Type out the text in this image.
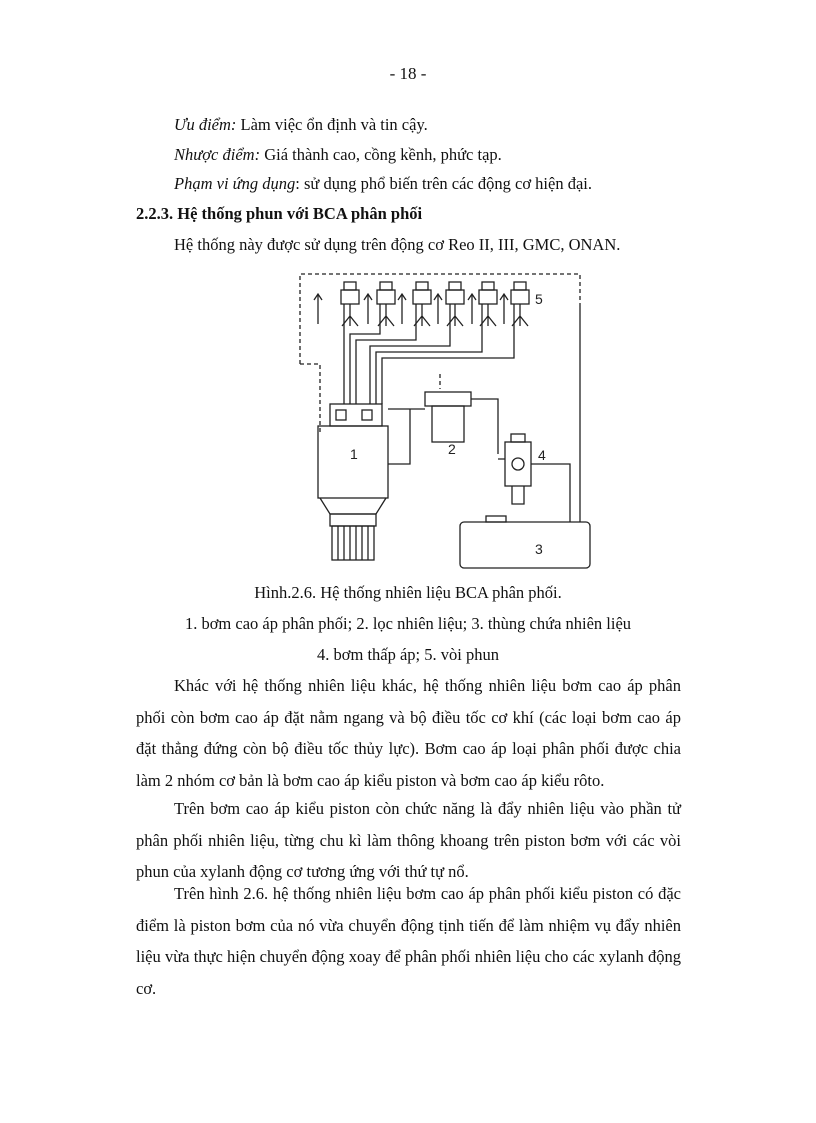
- 18 -
Ưu điểm: Làm việc ổn định và tin cậy.
Nhược điểm: Giá thành cao, cồng kềnh, phức tạp.
Phạm vi ứng dụng: sử dụng phổ biến trên các động cơ hiện đại.
2.2.3. Hệ thống phun với BCA phân phối
Hệ thống này được sử dụng trên động cơ Reo II, III, GMC, ONAN.
1	2
3
4
5
Hình.2.6. Hệ thống nhiên liệu BCA phân phối.
1. bơm cao áp phân phối; 2. lọc nhiên liệu; 3. thùng chứa nhiên liệu
4. bơm thấp áp; 5. vòi phun

Khác với hệ thống nhiên liệu khác, hệ thống nhiên liệu bơm cao áp phân phối còn bơm cao áp đặt nằm ngang và bộ điều tốc cơ khí (các loại bơm cao áp đặt thẳng đứng còn bộ điều tốc thủy lực). Bơm cao áp loại phân phối được chia làm 2 nhóm cơ bản là bơm cao áp kiểu piston và bơm cao áp kiểu rôto.

Trên bơm cao áp kiểu piston còn chức năng là đẩy nhiên liệu vào phần tử phân phối nhiên liệu, từng chu kì làm thông khoang trên piston bơm với các vòi phun của xylanh động cơ tương ứng với thứ tự nổ.

Trên hình 2.6. hệ thống nhiên liệu bơm cao áp phân phối kiểu piston có đặc điểm là piston bơm của nó vừa chuyển động tịnh tiến để làm nhiệm vụ đẩy nhiên liệu vừa thực hiện chuyển động xoay để phân phối nhiên liệu cho các xylanh động cơ.
